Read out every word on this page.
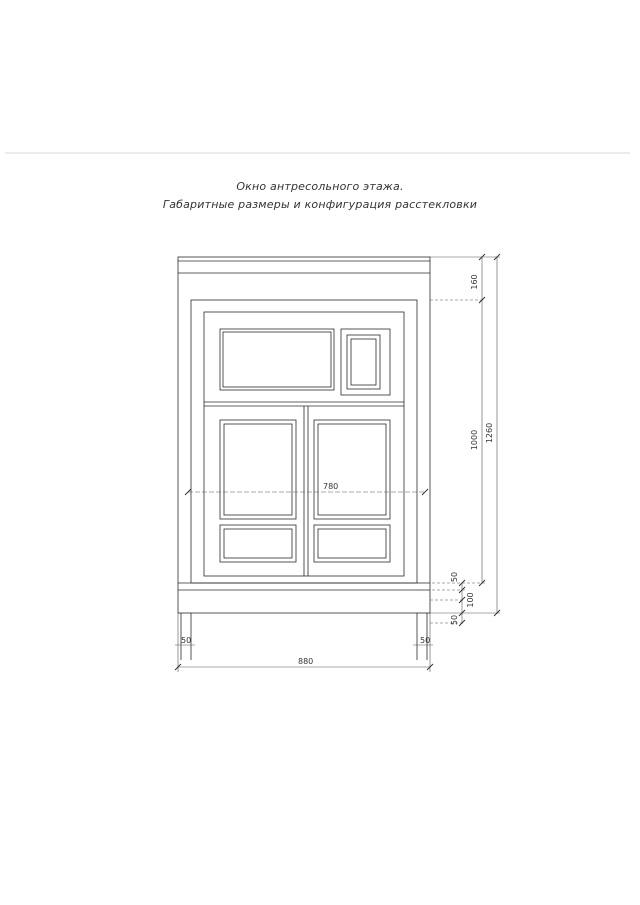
Окно антресольного этажа.
Габаритные размеры и конфигурация расстекловки
160
1000 1260
50
100
50
780
50	50
880
